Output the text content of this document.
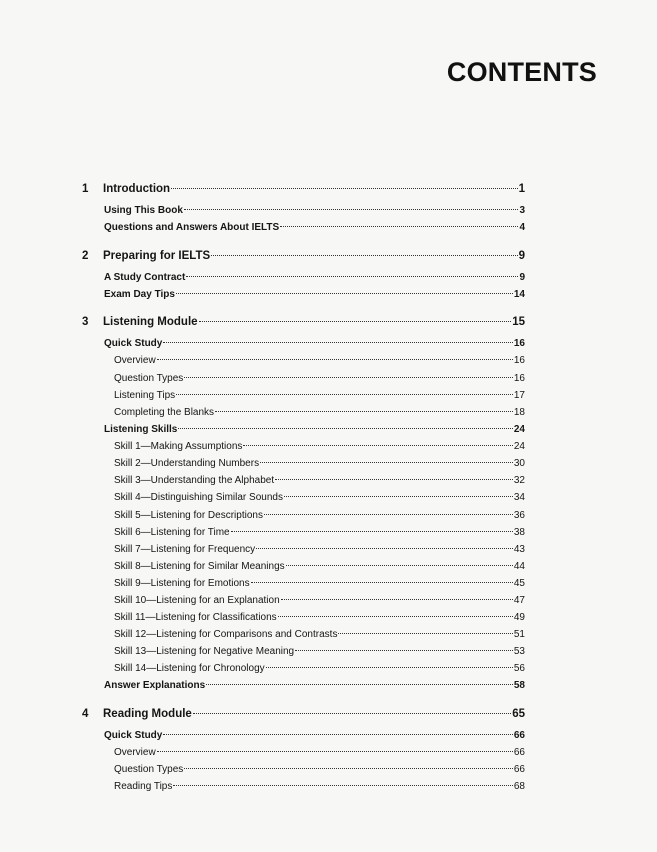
CONTENTS
1	Introduction	1
Using This Book	3
Questions and Answers About IELTS	4
2	Preparing for IELTS	9
A Study Contract	9
Exam Day Tips	14
3	Listening Module	15
Quick Study	16
Overview	16
Question Types	16
Listening Tips	17
Completing the Blanks	18
Listening Skills	24
Skill 1—Making Assumptions	24
Skill 2—Understanding Numbers	30
Skill 3—Understanding the Alphabet	32
Skill 4—Distinguishing Similar Sounds	34
Skill 5—Listening for Descriptions	36
Skill 6—Listening for Time	38
Skill 7—Listening for Frequency	43
Skill 8—Listening for Similar Meanings	44
Skill 9—Listening for Emotions	45
Skill 10—Listening for an Explanation	47
Skill 11—Listening for Classifications	49
Skill 12—Listening for Comparisons and Contrasts	51
Skill 13—Listening for Negative Meaning	53
Skill 14—Listening for Chronology	56
Answer Explanations	58
4	Reading Module	65
Quick Study	66
Overview	66
Question Types	66
Reading Tips	68
